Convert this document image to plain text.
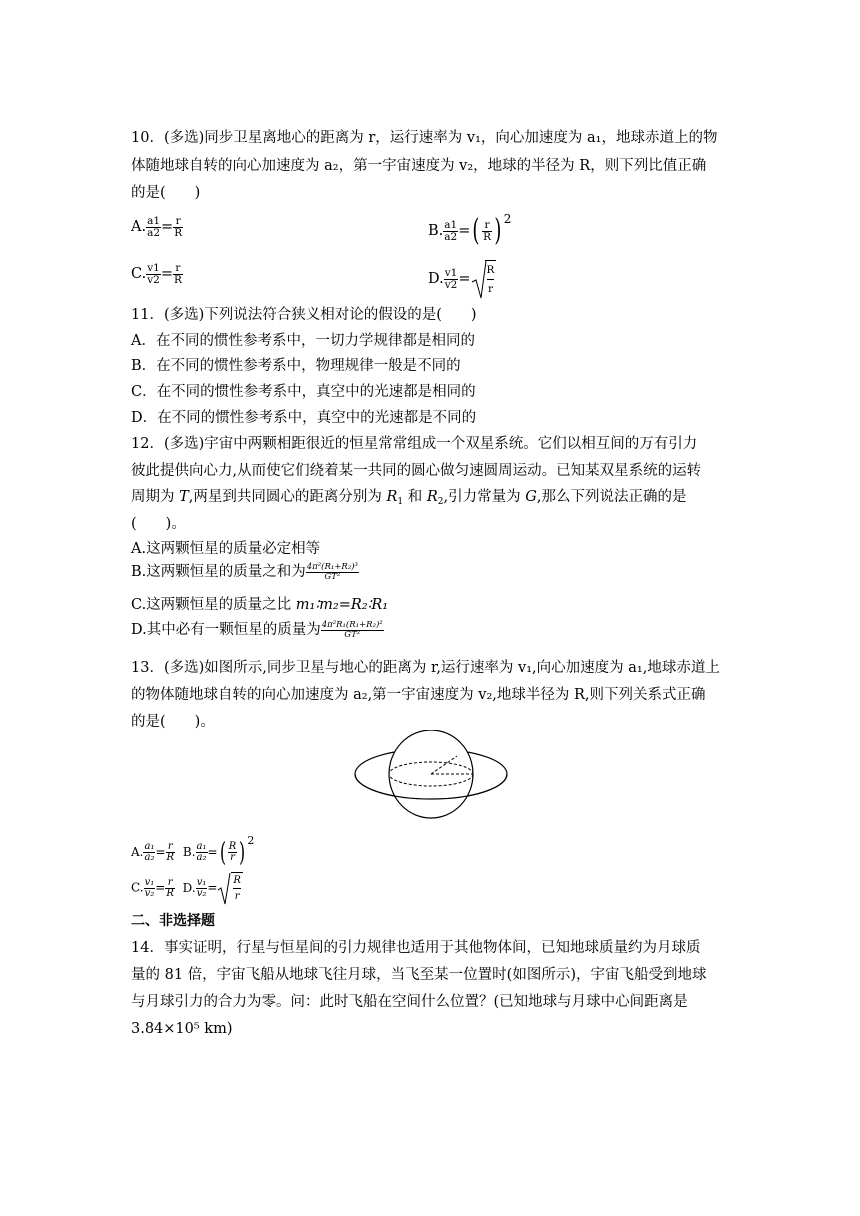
10．(多选)同步卫星离地心的距离为 r，运行速率为 v₁，向心加速度为 a₁，地球赤道上的物
体随地球自转的向心加速度为 a₂，第一宇宙速度为 v₂，地球的半径为 R，则下列比值正确
的是(　　)
A. $\frac{a1}{a2} = \frac{r}{R}$	B. $\frac{a1}{a2}$ =( $\frac{r}{R}$ ) $^2$
C. $\frac{v1}{v2} = \frac{r}{R}$	D. $\frac{v1}{v2} = \frac{R}{r}$
11．(多选)下列说法符合狭义相对论的假设的是(　　)
A．在不同的惯性参考系中，一切力学规律都是相同的
B．在不同的惯性参考系中，物理规律一般是不同的
C．在不同的惯性参考系中，真空中的光速都是相同的
D．在不同的惯性参考系中，真空中的光速都是不同的
12．(多选)宇宙中两颗相距很近的恒星常常组成一个双星系统。它们以相互间的万有引力
彼此提供向心力,从而使它们绕着某一共同的圆心做匀速圆周运动。已知某双星系统的运转
周期为 T,两星到共同圆心的距离分别为 $R_1$ 和 $R_2$,引力常量为 G,那么下列说法正确的是
(　　)。
A.这两颗恒星的质量必定相等
B.这两颗恒星的质量之和为 $\frac{\text{4π²(R₁+R₂)³}}{\text{GT²}}$
C.这两颗恒星的质量之比 m₁∶m₂=R₂∶R₁
D.其中必有一颗恒星的质量为 $\frac{\text{4π²R₁(R₁+R₂)²}}{\text{GT²}}$
13．(多选)如图所示,同步卫星与地心的距离为 r,运行速率为 v₁,向心加速度为 a₁,地球赤道上
的物体随地球自转的向心加速度为 a₂,第一宇宙速度为 v₂,地球半径为 R,则下列关系式正确
的是(　　)。
A. $\frac{\text{a₁}}{\text{a₂}} = \frac{r}{R} B$. $\frac{\text{a₁}}{\text{a₂}}$ =( $\frac{R}{r}$ ) 2
C. $\frac{\text{v₁}}{\text{v₂}} = \frac{r}{R} D$. $\frac{\text{v₁}}{\text{v₂}} = \frac{R}{r}$
二、非选择题
14．事实证明，行星与恒星间的引力规律也适用于其他物体间，已知地球质量约为月球质
量的 81 倍，宇宙飞船从地球飞往月球，当飞至某一位置时(如图所示)，宇宙飞船受到地球
与月球引力的合力为零。问：此时飞船在空间什么位置？(已知地球与月球中心间距离是
3.84×10⁵ km)
